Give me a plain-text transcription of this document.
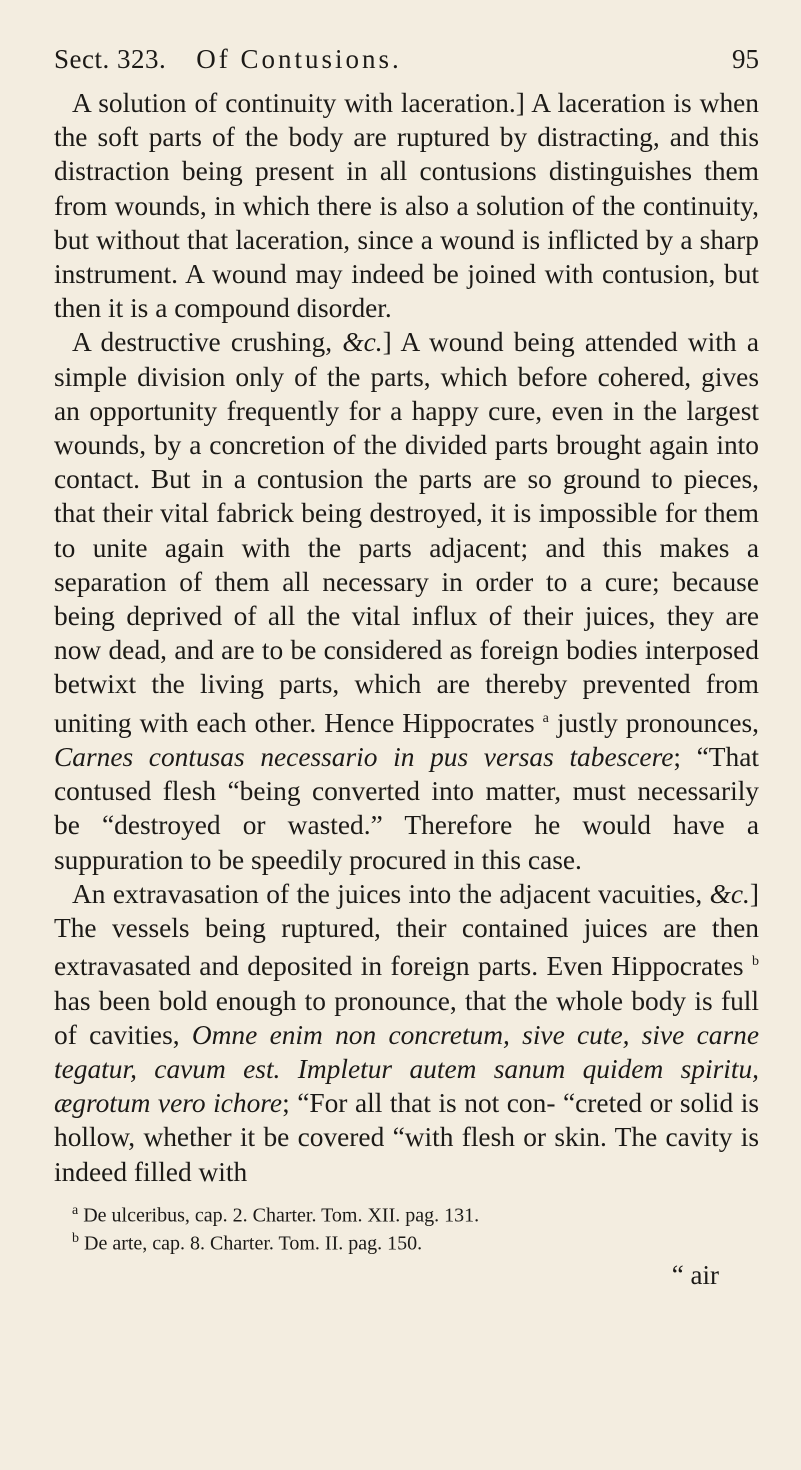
Sect. 323. Of Contusions.	95

A solution of continuity with laceration.] A laceration is when the soft parts of the body are ruptured by distracting, and this distraction being present in all contusions distinguishes them from wounds, in which there is also a solution of the continuity, but without that laceration, since a wound is inflicted by a sharp instrument. A wound may indeed be joined with contusion, but then it is a compound disorder.

A destructive crushing, &c.] A wound being attended with a simple division only of the parts, which before cohered, gives an opportunity frequently for a happy cure, even in the largest wounds, by a concretion of the divided parts brought again into contact. But in a contusion the parts are so ground to pieces, that their vital fabrick being destroyed, it is impossible for them to unite again with the parts adjacent; and this makes a separation of them all necessary in order to a cure; because being deprived of all the vital influx of their juices, they are now dead, and are to be considered as foreign bodies interposed betwixt the living parts, which are thereby prevented from uniting with each other. Hence Hippocrates $^a$ justly pronounces, Carnes contusas necessario in pus versas tabescere; “That contused flesh “being converted into matter, must necessarily be “destroyed or wasted.” Therefore he would have a suppuration to be speedily procured in this case.

An extravasation of the juices into the adjacent vacuities, &c.] The vessels being ruptured, their contained juices are then extravasated and deposited in foreign parts. Even Hippocrates $^b$ has been bold enough to pronounce, that the whole body is full of cavities, Omne enim non concretum, sive cute, sive carne tegatur, cavum est. Impletur autem sanum quidem spiritu, ægrotum vero ichore; “For all that is not con- “creted or solid is hollow, whether it be covered “with flesh or skin. The cavity is indeed filled with

$^a$ De ulceribus, cap. 2. Charter. Tom. XII. pag. 131.

$^b$ De arte, cap. 8. Charter. Tom. II. pag. 150.

“ air
